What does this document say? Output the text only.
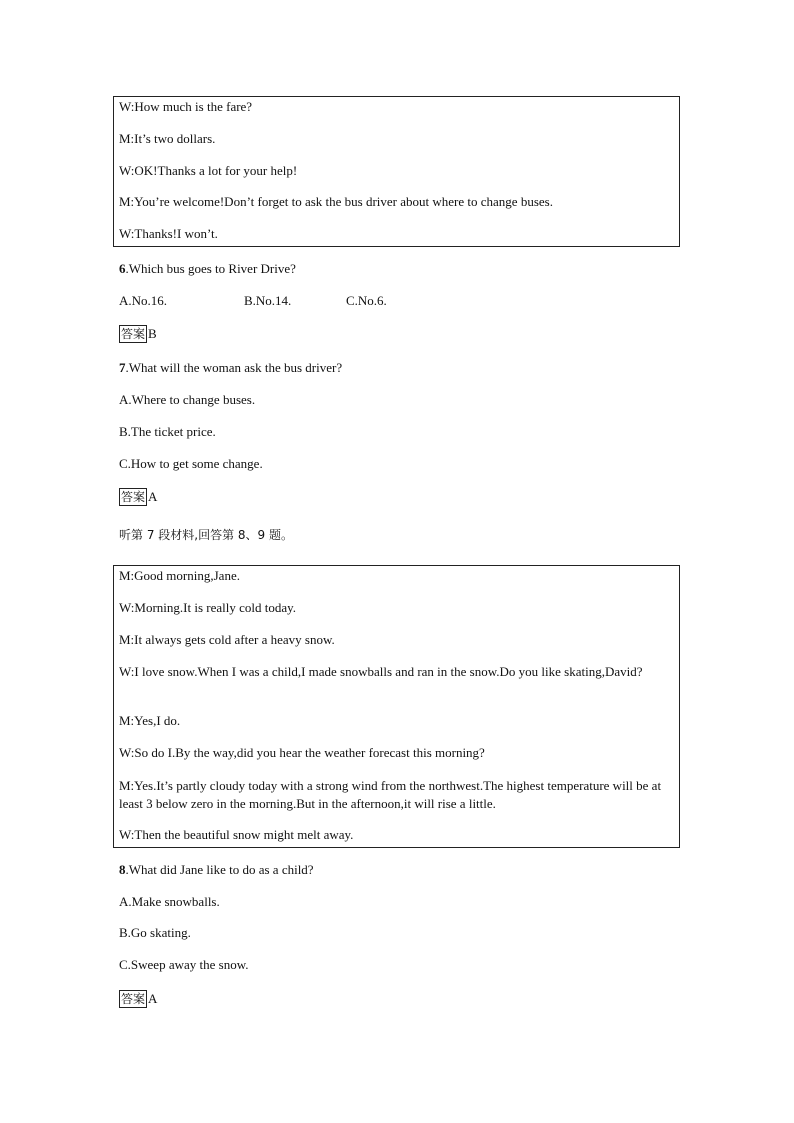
W:How much is the fare?
M:It’s two dollars.
W:OK!Thanks a lot for your help!
M:You’re welcome!Don’t forget to ask the bus driver about where to change buses.
W:Thanks!I won’t.
6.Which bus goes to River Drive?
A.No.16.	B.No.14.	C.No.6.
答案 B
7.What will the woman ask the bus driver?
A.Where to change buses.
B.The ticket price.
C.How to get some change.
答案 A
听第 7 段材料,回答第 8、9 题。
M:Good morning,Jane.
W:Morning.It is really cold today.
M:It always gets cold after a heavy snow.
W:I love snow.When I was a child,I made snowballs and ran in the snow.Do you like skating,David?
M:Yes,I do.
W:So do I.By the way,did you hear the weather forecast this morning?
M:Yes.It’s partly cloudy today with a strong wind from the northwest.The highest temperature will be at least 3 below zero in the morning.But in the afternoon,it will rise a little.
W:Then the beautiful snow might melt away.
8.What did Jane like to do as a child?
A.Make snowballs.
B.Go skating.
C.Sweep away the snow.
答案 A
